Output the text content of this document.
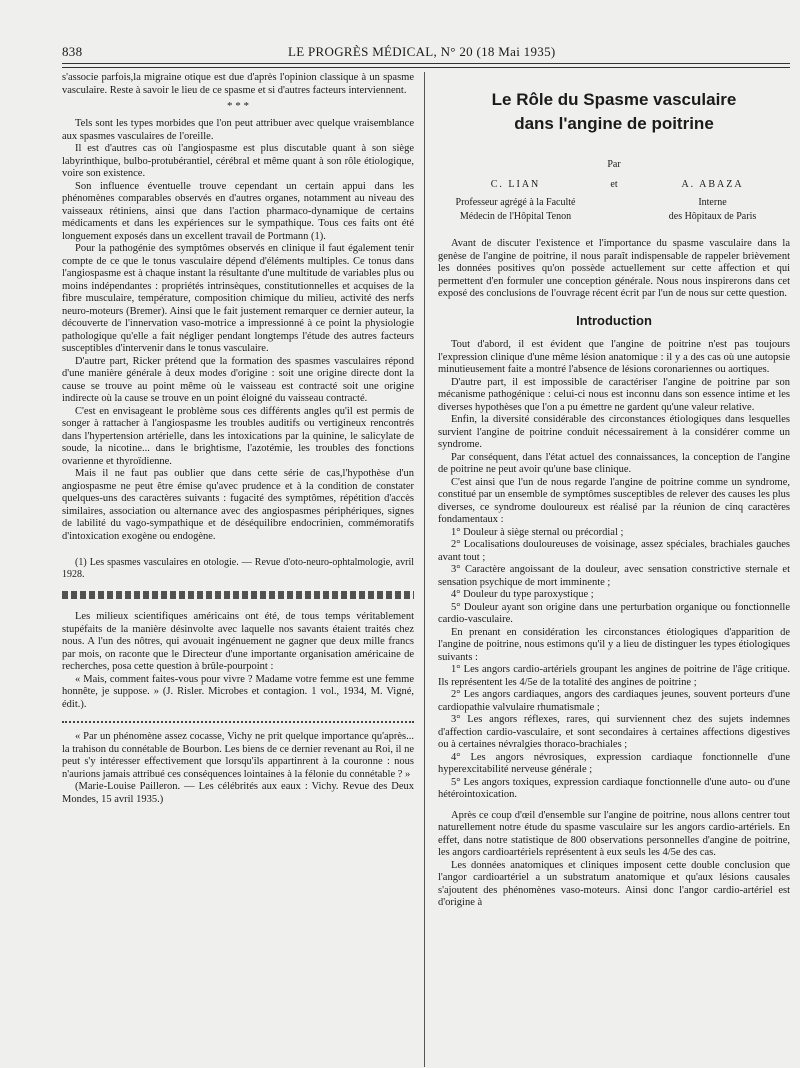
838	LE PROGRÈS MÉDICAL, N° 20 (18 Mai 1935)

s'associe parfois,la migraine otique est due d'après l'opinion classique à un spasme vasculaire. Reste à savoir le lieu de ce spasme et si d'autres facteurs interviennent.

* * *

Tels sont les types morbides que l'on peut attribuer avec quelque vraisemblance aux spasmes vasculaires de l'oreille.

Il est d'autres cas où l'angiospasme est plus discutable quant à son siège labyrinthique, bulbo-protubérantiel, cérébral et même quant à son rôle étiologique, voire son existence.

Son influence éventuelle trouve cependant un certain appui dans les phénomènes comparables observés en d'autres organes, notamment au niveau des vaisseaux rétiniens, ainsi que dans l'action pharmaco-dynamique de certains médicaments et dans les expériences sur le sympathique. Tous ces faits ont été longuement exposés dans un excellent travail de Portmann (1).

Pour la pathogénie des symptômes observés en clinique il faut également tenir compte de ce que le tonus vasculaire dépend d'éléments multiples. Ce tonus dans l'angiospasme est à chaque instant la résultante d'une multitude de variables plus ou moins indépendantes : propriétés intrinsèques, constitutionnelles et acquises de la fibre musculaire, température, composition chimique du milieu, activité des nerfs neuro-moteurs (Bremer). Ainsi que le fait justement remarquer ce dernier auteur, la découverte de l'innervation vaso-motrice a impressionné à ce point la physiologie pathologique qu'elle a fait négliger pendant longtemps l'étude des autres facteurs susceptibles d'intervenir dans le tonus vasculaire.

D'autre part, Ricker prétend que la formation des spasmes vasculaires répond d'une manière générale à deux modes d'origine : soit une origine directe dont la cause se trouve au point même où le vaisseau est contracté soit une origine indirecte où la cause se trouve en un point éloigné du vaisseau contracté.

C'est en envisageant le problème sous ces différents angles qu'il est permis de songer à rattacher à l'angiospasme les troubles auditifs ou vertigineux rencontrés dans l'hypertension artérielle, dans les intoxications par la quinine, le salicylate de soude, la nicotine... dans le brightisme, l'azotémie, les troubles des fonctions ovarienne et thyroïdienne.

Mais il ne faut pas oublier que dans cette série de cas,l'hypothèse d'un angiospasme ne peut être émise qu'avec prudence et à la condition de constater quelques-uns des caractères suivants : fugacité des symptômes, répétition d'accès similaires, association ou alternance avec des angiospasmes périphériques, signes de labilité du vago-sympathique et de déséquilibre endocrinien, commémoratifs d'intoxication exogène ou endogène.

(1) Les spasmes vasculaires en otologie. — Revue d'oto-neuro-ophtalmologie, avril 1928.

Les milieux scientifiques américains ont été, de tous temps véritablement stupéfaits de la manière désinvolte avec laquelle nos savants étaient traités chez nous. A l'un des nôtres, qui avouait ingénuement ne gagner que deux mille francs par mois, on raconte que le Directeur d'une importante organisation américaine de recherches, posa cette question à brûle-pourpoint :

« Mais, comment faites-vous pour vivre ? Madame votre femme est une femme honnête, je suppose. » (J. Risler. Microbes et contagion. 1 vol., 1934, M. Vigné, édit.).

« Par un phénomène assez cocasse, Vichy ne prit quelque importance qu'après... la trahison du connétable de Bourbon. Les biens de ce dernier revenant au Roi, il ne peut s'y intéresser effectivement que lorsqu'ils appartinrent à la couronne : nous n'aurions jamais attribué ces conséquences lointaines à la félonie du connétable ? »

(Marie-Louise Pailleron. — Les célébrités aux eaux : Vichy. Revue des Deux Mondes, 15 avril 1935.)

Le Rôle du Spasme vasculaire
dans l'angine de poitrine
Par
C. LIAN
Professeur agrégé à la Faculté
Médecin de l'Hôpital Tenon
et	A. ABAZA
Interne
des Hôpitaux de Paris

Avant de discuter l'existence et l'importance du spasme vasculaire dans la genèse de l'angine de poitrine, il nous paraît indispensable de rappeler brièvement les données positives qu'on possède actuellement sur cette affection et qui permettent d'en formuler une conception générale. Nous nous inspirerons dans cet exposé des conclusions de l'ouvrage récent écrit par l'un de nous sur cette question.

Introduction

Tout d'abord, il est évident que l'angine de poitrine n'est pas toujours l'expression clinique d'une même lésion anatomique : il y a des cas où une autopsie minutieusement faite a montré l'absence de lésions coronariennes ou aortiques.

D'autre part, il est impossible de caractériser l'angine de poitrine par son mécanisme pathogénique : celui-ci nous est inconnu dans son essence intime et les diverses hypothèses que l'on a pu émettre ne gardent qu'une valeur relative.

Enfin, la diversité considérable des circonstances étiologiques dans lesquelles survient l'angine de poitrine conduit nécessairement à la considérer comme un syndrome.

Par conséquent, dans l'état actuel des connaissances, la conception de l'angine de poitrine ne peut avoir qu'une base clinique.

C'est ainsi que l'un de nous regarde l'angine de poitrine comme un syndrome, constitué par un ensemble de symptômes susceptibles de relever des causes les plus diverses, ce syndrome douloureux est réalisé par la réunion de cinq caractères fondamentaux :

1° Douleur à siège sternal ou précordial ;

2° Localisations douloureuses de voisinage, assez spéciales, brachiales gauches avant tout ;

3° Caractère angoissant de la douleur, avec sensation constrictive sternale et sensation psychique de mort imminente ;

4° Douleur du type paroxystique ;

5° Douleur ayant son origine dans une perturbation organique ou fonctionnelle cardio-vasculaire.

En prenant en considération les circonstances étiologiques d'apparition de l'angine de poitrine, nous estimons qu'il y a lieu de distinguer les types étiologiques suivants :

1° Les angors cardio-artériels groupant les angines de poitrine de l'âge critique. Ils représentent les 4/5e de la totalité des angines de poitrine ;

2° Les angors cardiaques, angors des cardiaques jeunes, souvent porteurs d'une cardiopathie valvulaire rhumatismale ;

3° Les angors réflexes, rares, qui surviennent chez des sujets indemnes d'affection cardio-vasculaire, et sont secondaires à certaines affections digestives ou à certaines névralgies thoraco-brachiales ;

4° Les angors névrosiques, expression cardiaque fonctionnelle d'une hyperexcitabilité nerveuse générale ;

5° Les angors toxiques, expression cardiaque fonctionnelle d'une auto- ou d'une hétérointoxication.

Après ce coup d'œil d'ensemble sur l'angine de poitrine, nous allons centrer tout naturellement notre étude du spasme vasculaire sur les angors cardio-artériels. En effet, dans notre statistique de 800 observations personnelles d'angine de poitrine, les angors cardioartériels représentent à eux seuls les 4/5e des cas.

Les données anatomiques et cliniques imposent cette double conclusion que l'angor cardioartériel a un substratum anatomique et qu'aux lésions causales s'ajoutent des phénomènes vaso-moteurs. Ainsi donc l'angor cardio-artériel est d'origine à
